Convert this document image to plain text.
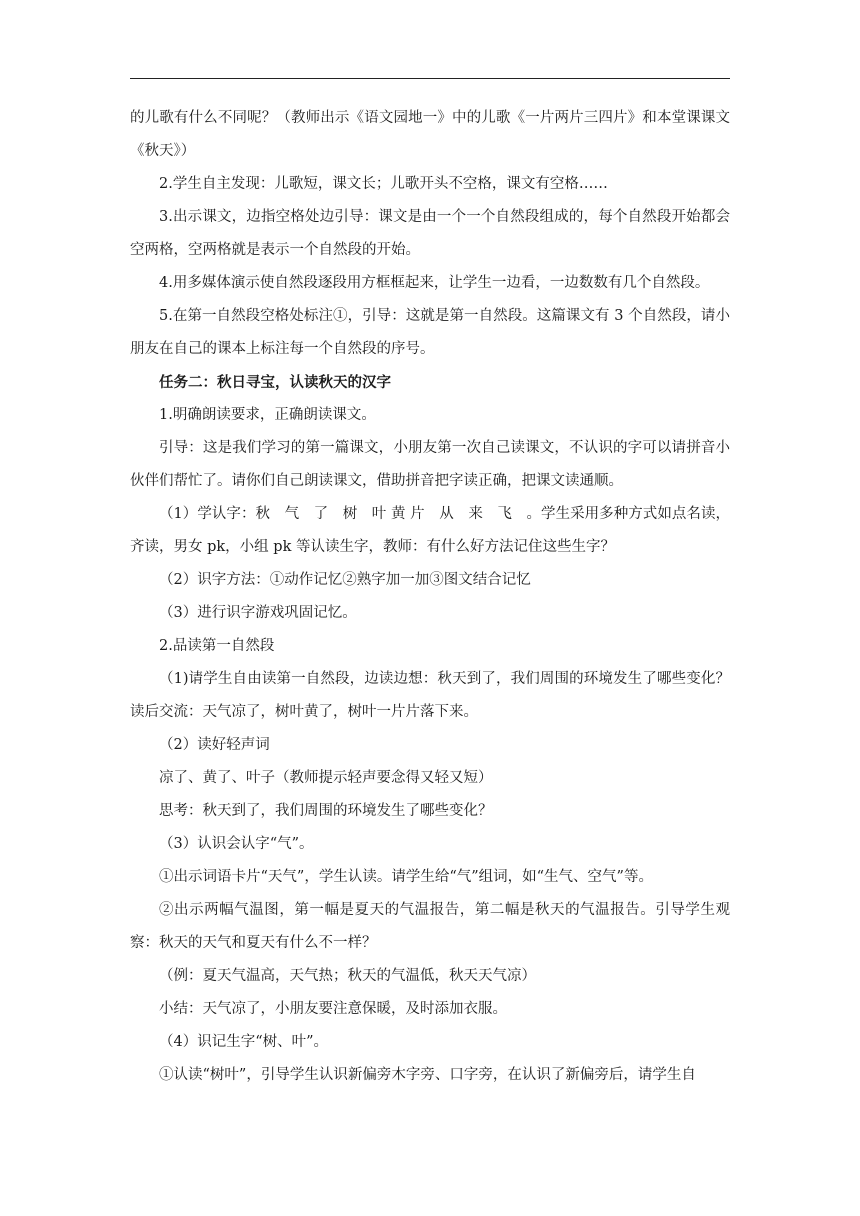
的儿歌有什么不同呢？（教师出示《语文园地一》中的儿歌《一片两片三四片》和本堂课课文《秋天》）

2.学生自主发现：儿歌短，课文长；儿歌开头不空格，课文有空格……

3.出示课文，边指空格处边引导：课文是由一个一个自然段组成的，每个自然段开始都会空两格，空两格就是表示一个自然段的开始。

4.用多媒体演示使自然段逐段用方框框起来，让学生一边看，一边数数有几个自然段。

5.在第一自然段空格处标注①，引导：这就是第一自然段。这篇课文有 3 个自然段，请小朋友在自己的课本上标注每一个自然段的序号。

任务二：秋日寻宝，认读秋天的汉字

1.明确朗读要求，正确朗读课文。

引导：这是我们学习的第一篇课文，小朋友第一次自己读课文，不认识的字可以请拼音小伙伴们帮忙了。请你们自己朗读课文，借助拼音把字读正确，把课文读通顺。

（1）学认字：秋　气　了　树　叶 黄 片　从　来　飞　。学生采用多种方式如点名读，齐读，男女 pk，小组 pk 等认读生字，教师：有什么好方法记住这些生字？

（2）识字方法：①动作记忆②熟字加一加③图文结合记忆

（3）进行识字游戏巩固记忆。

2.品读第一自然段

（1)请学生自由读第一自然段，边读边想：秋天到了，我们周围的环境发生了哪些变化？读后交流：天气凉了，树叶黄了，树叶一片片落下来。

（2）读好轻声词

凉了、黄了、叶子（教师提示轻声要念得又轻又短）

思考：秋天到了，我们周围的环境发生了哪些变化？

（3）认识会认字“气”。

①出示词语卡片“天气”，学生认读。请学生给“气”组词，如“生气、空气”等。

②出示两幅气温图，第一幅是夏天的气温报告，第二幅是秋天的气温报告。引导学生观察：秋天的天气和夏天有什么不一样？

（例：夏天气温高，天气热；秋天的气温低，秋天天气凉）

小结：天气凉了，小朋友要注意保暖，及时添加衣服。

（4）识记生字“树、叶”。

①认读“树叶”，引导学生认识新偏旁木字旁、口字旁，在认识了新偏旁后，请学生自
